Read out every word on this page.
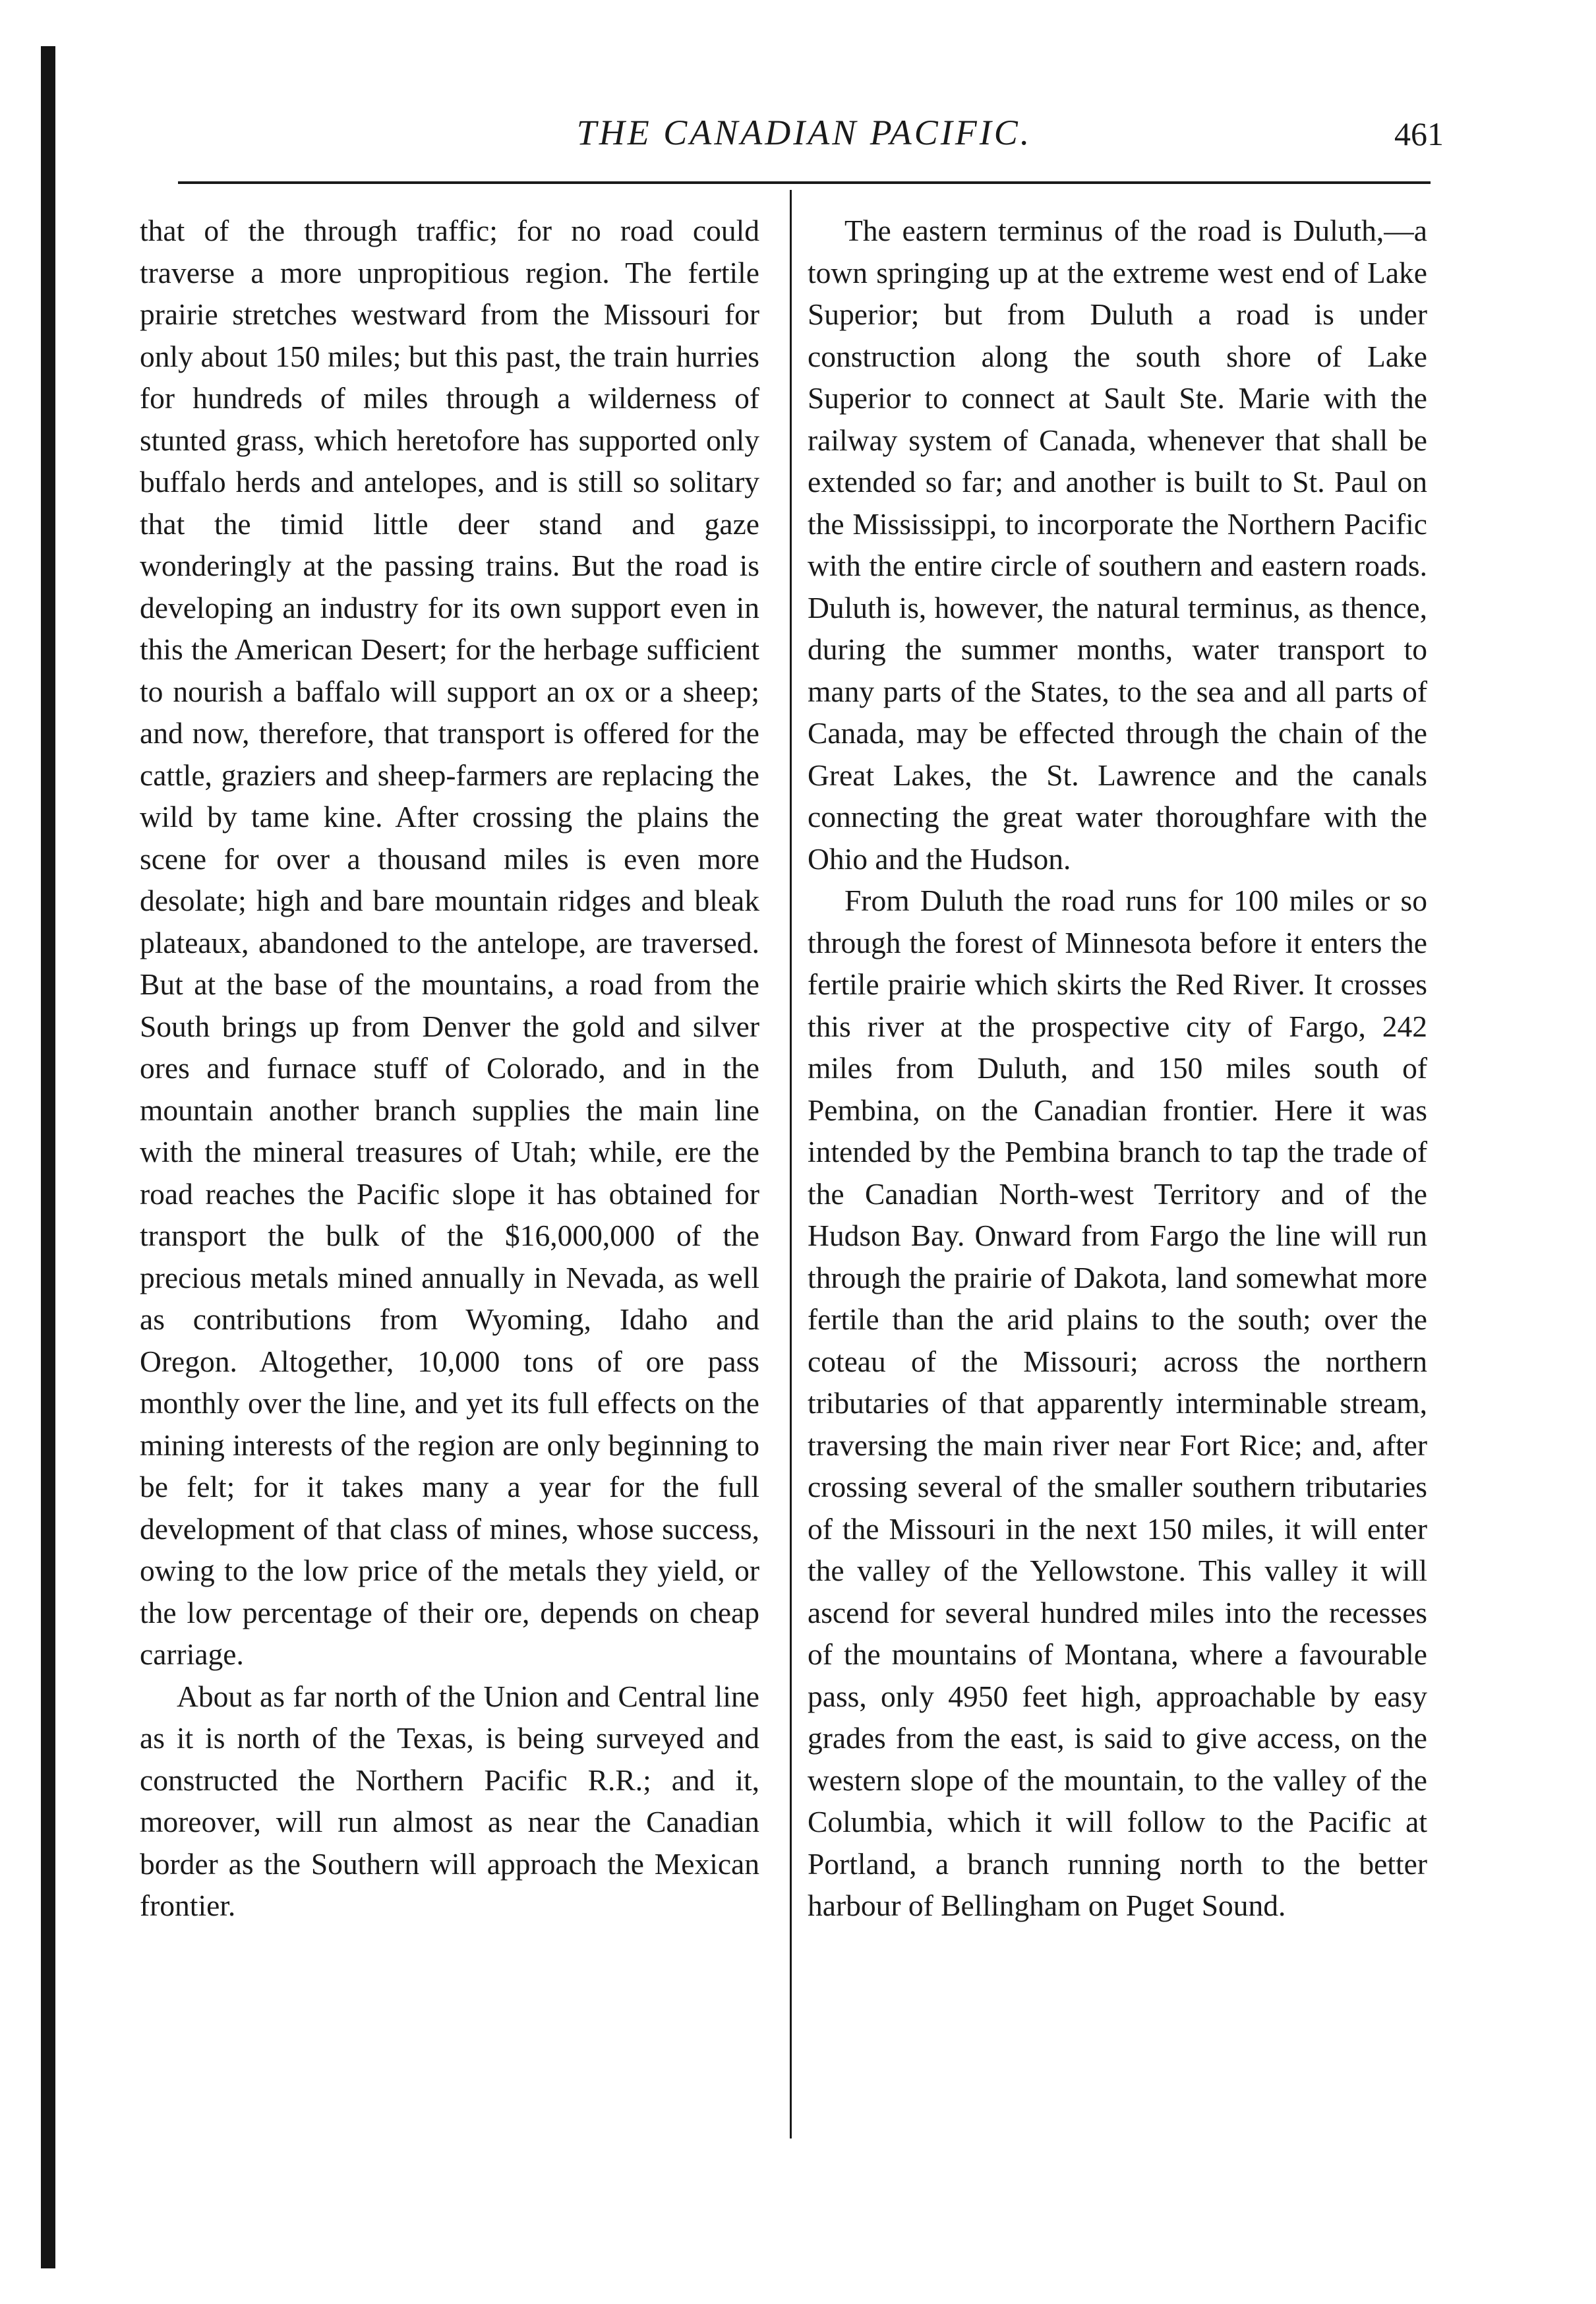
THE CANADIAN PACIFIC.	461

that of the through traffic; for no road could traverse a more unpropitious region. The fertile prairie stretches westward from the Missouri for only about 150 miles; but this past, the train hurries for hundreds of miles through a wilderness of stunted grass, which heretofore has supported only buffalo herds and antelopes, and is still so solitary that the timid little deer stand and gaze wonderingly at the passing trains. But the road is developing an industry for its own support even in this the American Desert; for the herbage sufficient to nourish a baffalo will support an ox or a sheep; and now, therefore, that transport is offered for the cattle, graziers and sheep-farmers are replacing the wild by tame kine. After crossing the plains the scene for over a thousand miles is even more desolate; high and bare mountain ridges and bleak plateaux, abandoned to the antelope, are traversed. But at the base of the mountains, a road from the South brings up from Denver the gold and silver ores and furnace stuff of Colorado, and in the mountain another branch supplies the main line with the mineral treasures of Utah; while, ere the road reaches the Pacific slope it has obtained for transport the bulk of the $16,000,000 of the precious metals mined annually in Nevada, as well as contributions from Wyoming, Idaho and Oregon. Altogether, 10,000 tons of ore pass monthly over the line, and yet its full effects on the mining interests of the region are only beginning to be felt; for it takes many a year for the full development of that class of mines, whose success, owing to the low price of the metals they yield, or the low percentage of their ore, depends on cheap carriage.

About as far north of the Union and Central line as it is north of the Texas, is being surveyed and constructed the Northern Pacific R.R.; and it, moreover, will run almost as near the Canadian border as the Southern will approach the Mexican frontier.

The eastern terminus of the road is Duluth,—a town springing up at the extreme west end of Lake Superior; but from Duluth a road is under construction along the south shore of Lake Superior to connect at Sault Ste. Marie with the railway system of Canada, whenever that shall be extended so far; and another is built to St. Paul on the Mississippi, to incorporate the Northern Pacific with the entire circle of southern and eastern roads. Duluth is, however, the natural terminus, as thence, during the summer months, water transport to many parts of the States, to the sea and all parts of Canada, may be effected through the chain of the Great Lakes, the St. Lawrence and the canals connecting the great water thoroughfare with the Ohio and the Hudson.

From Duluth the road runs for 100 miles or so through the forest of Minnesota before it enters the fertile prairie which skirts the Red River. It crosses this river at the prospective city of Fargo, 242 miles from Duluth, and 150 miles south of Pembina, on the Canadian frontier. Here it was intended by the Pembina branch to tap the trade of the Canadian North-west Territory and of the Hudson Bay. Onward from Fargo the line will run through the prairie of Dakota, land somewhat more fertile than the arid plains to the south; over the coteau of the Missouri; across the northern tributaries of that apparently interminable stream, traversing the main river near Fort Rice; and, after crossing several of the smaller southern tributaries of the Missouri in the next 150 miles, it will enter the valley of the Yellowstone. This valley it will ascend for several hundred miles into the recesses of the mountains of Montana, where a favourable pass, only 4950 feet high, approachable by easy grades from the east, is said to give access, on the western slope of the mountain, to the valley of the Columbia, which it will follow to the Pacific at Portland, a branch running north to the better harbour of Bellingham on Puget Sound.
